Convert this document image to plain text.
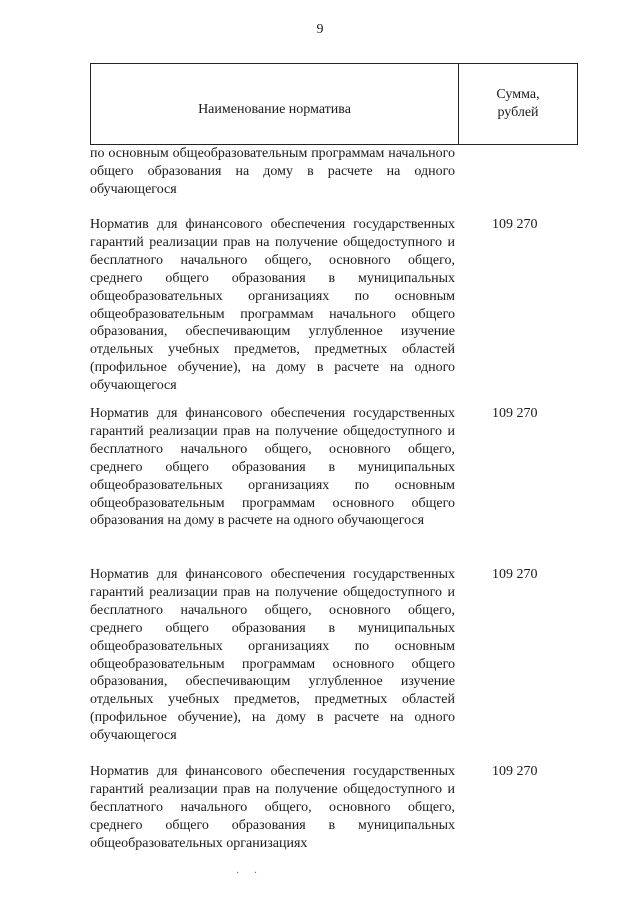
9
Наименование норматива
Сумма,
рублей
по основным общеобразовательным программам начального общего образования на дому в расчете на одного обучающегося
Норматив для финансового обеспечения государственных гарантий реализации прав на получение общедоступного и бесплатного начального общего, основного общего, среднего общего образования в муниципальных общеобразовательных организациях по основным общеобразовательным программам начального общего образования, обеспечивающим углубленное изучение отдельных учебных предметов, предметных областей (профильное обучение), на дому в расчете на одного обучающегося
109 270
Норматив для финансового обеспечения государственных гарантий реализации прав на получение общедоступного и бесплатного начального общего, основного общего, среднего общего образования в муниципальных общеобразовательных организациях по основным общеобразовательным программам основного общего образования на дому в расчете на одного обучающегося
109 270
Норматив для финансового обеспечения государственных гарантий реализации прав на получение общедоступного и бесплатного начального общего, основного общего, среднего общего образования в муниципальных общеобразовательных организациях по основным общеобразовательным программам основного общего образования, обеспечивающим углубленное изучение отдельных учебных предметов, предметных областей (профильное обучение), на дому в расчете на одного обучающегося
109 270
Норматив для финансового обеспечения государственных гарантий реализации прав на получение общедоступного и бесплатного начального общего, основного общего, среднего общего образования в муниципальных общеобразовательных организациях
109 270
· ·
